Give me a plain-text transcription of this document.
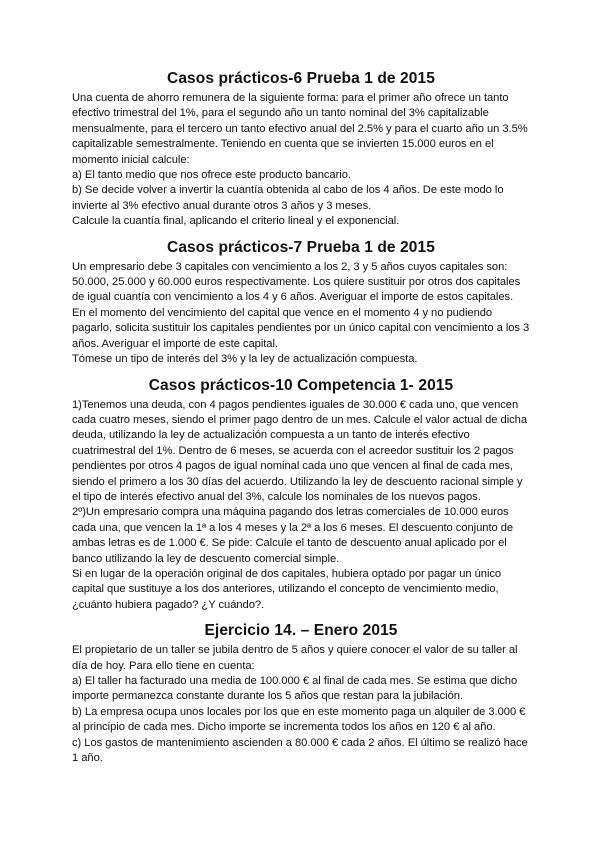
Casos prácticos-6 Prueba 1 de 2015

Una cuenta de ahorro remunera de la siguiente forma: para el primer año ofrece un tanto efectivo trimestral del 1%, para el segundo año un tanto nominal del 3% capitalizable mensualmente, para el tercero un tanto efectivo anual del 2.5% y para el cuarto año un 3.5% capitalizable semestralmente. Teniendo en cuenta que se invierten 15.000 euros en el momento inicial calcule:

a) El tanto medio que nos ofrece este producto bancario.

b) Se decide volver a invertir la cuantía obtenida al cabo de los 4 años. De este modo lo invierte al 3% efectivo anual durante otros 3 años y 3 meses.

Calcule la cuantía final, aplicando el criterio lineal y el exponencial.

Casos prácticos-7 Prueba 1 de 2015

Un empresario debe 3 capitales con vencimiento a los 2, 3 y 5 años cuyos capitales son: 50.000, 25.000 y 60.000 euros respectivamente. Los quiere sustituir por otros dos capitales de igual cuantía con vencimiento a los 4 y 6 años. Averiguar el importe de estos capitales.

En el momento del vencimiento del capital que vence en el momento 4 y no pudiendo pagarlo, solicita sustituir los capitales pendientes por un único capital con vencimiento a los 3 años. Averiguar el importe de este capital.

Tómese un tipo de interés del 3% y la ley de actualización compuesta.

Casos prácticos-10 Competencia 1- 2015

1)Tenemos una deuda, con 4 pagos pendientes iguales de 30.000 € cada uno, que vencen cada cuatro meses, siendo el primer pago dentro de un mes. Calcule el valor actual de dicha deuda, utilizando la ley de actualización compuesta a un tanto de interés efectivo cuatrimestral del 1%. Dentro de 6 meses, se acuerda con el acreedor sustituir los 2 pagos pendientes por otros 4 pagos de igual nominal cada uno que vencen al final de cada mes, siendo el primero a los 30 días del acuerdo. Utilizando la ley de descuento racional simple y el tipo de interés efectivo anual del 3%, calcule los nominales de los nuevos pagos.

2º)Un empresario compra una máquina pagando dos letras comerciales de 10.000 euros cada una, que vencen la 1ª a los 4 meses y la 2ª a los 6 meses. El descuento conjunto de ambas letras es de 1.000 €. Se pide: Calcule el tanto de descuento anual aplicado por el banco utilizando la ley de descuento comercial simple.

Si en lugar de la operación original de dos capitales, hubiera optado por pagar un único capital que sustituye a los dos anteriores, utilizando el concepto de vencimiento medio, ¿cuánto hubiera pagado? ¿Y cuándo?.

Ejercicio 14. – Enero 2015

El propietario de un taller se jubila dentro de 5 años y quiere conocer el valor de su taller al día de hoy. Para ello tiene en cuenta:

a) El taller ha facturado una media de 100.000 € al final de cada mes. Se estima que dicho importe permanezca constante durante los 5 años que restan para la jubilación.

b) La empresa ocupa unos locales por los que en este momento paga un alquiler de 3.000 € al principio de cada mes. Dicho importe se incrementa todos los años en 120 € al año.

c) Los gastos de mantenimiento ascienden a 80.000 € cada 2 años. El último se realizó hace 1 año.
